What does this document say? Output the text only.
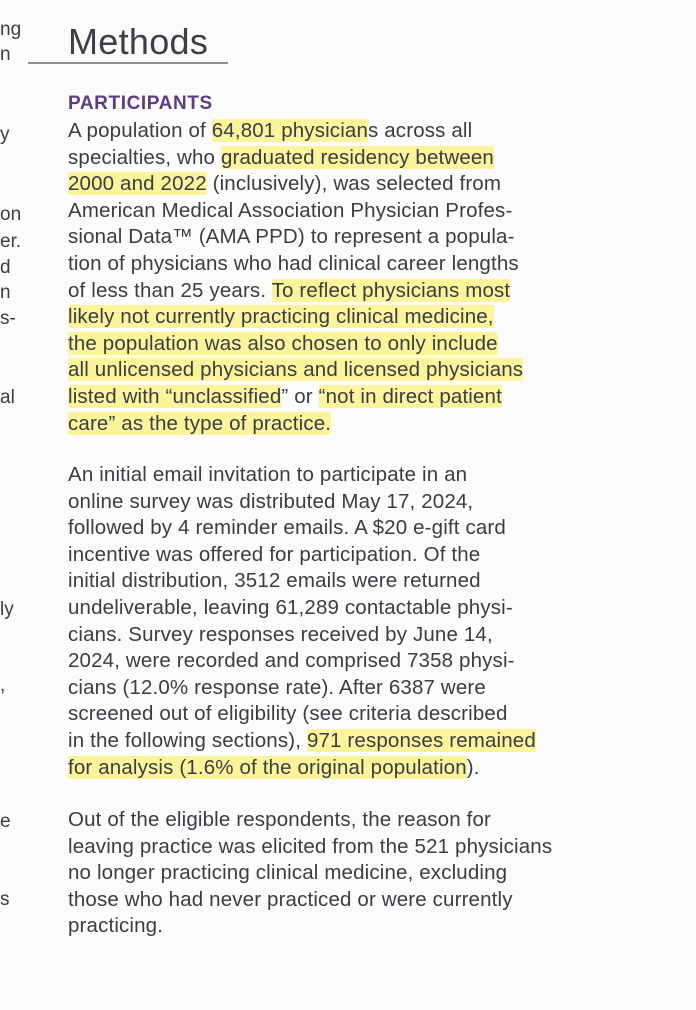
ng
n
y
on
er.
d
n
s-
al
ly
,
e
s
Methods
PARTICIPANTS
A population of 64,801 physicians across all
specialties, who graduated residency between
2000 and 2022 (inclusively), was selected from
American Medical Association Physician Profes-
sional Data™ (AMA PPD) to represent a popula-
tion of physicians who had clinical career lengths
of less than 25 years. To reflect physicians most
likely not currently practicing clinical medicine,
the population was also chosen to only include
all unlicensed physicians and licensed physicians
listed with “unclassified” or “not in direct patient
care” as the type of practice.
An initial email invitation to participate in an
online survey was distributed May 17, 2024,
followed by 4 reminder emails. A $20 e-gift card
incentive was offered for participation. Of the
initial distribution, 3512 emails were returned
undeliverable, leaving 61,289 contactable physi-
cians. Survey responses received by June 14,
2024, were recorded and comprised 7358 physi-
cians (12.0% response rate). After 6387 were
screened out of eligibility (see criteria described
in the following sections), 971 responses remained
for analysis (1.6% of the original population).
Out of the eligible respondents, the reason for
leaving practice was elicited from the 521 physicians
no longer practicing clinical medicine, excluding
those who had never practiced or were currently
practicing.
